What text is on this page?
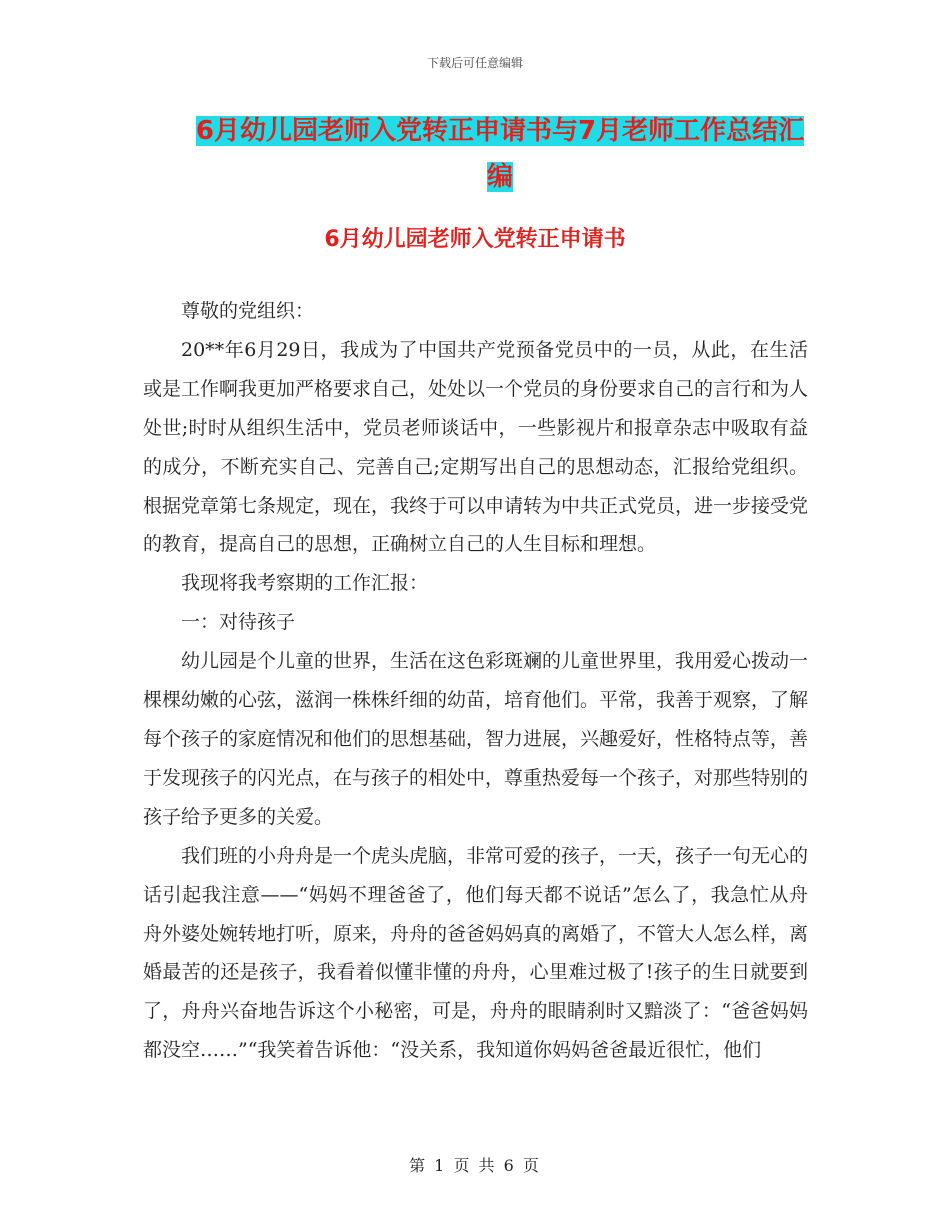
下载后可任意编辑
6月幼儿园老师入党转正申请书与7月老师工作总结汇
编
6月幼儿园老师入党转正申请书

尊敬的党组织：

20**年6月29日，我成为了中国共产党预备党员中的一员，从此，在生活或是工作啊我更加严格要求自己，处处以一个党员的身份要求自己的言行和为人处世;时时从组织生活中，党员老师谈话中，一些影视片和报章杂志中吸取有益的成分，不断充实自己、完善自己;定期写出自己的思想动态，汇报给党组织。根据党章第七条规定，现在，我终于可以申请转为中共正式党员，进一步接受党的教育，提高自己的思想，正确树立自己的人生目标和理想。

我现将我考察期的工作汇报：

一：对待孩子

幼儿园是个儿童的世界，生活在这色彩斑斓的儿童世界里，我用爱心拨动一棵棵幼嫩的心弦，滋润一株株纤细的幼苗，培育他们。平常，我善于观察，了解每个孩子的家庭情况和他们的思想基础，智力进展，兴趣爱好，性格特点等，善于发现孩子的闪光点，在与孩子的相处中，尊重热爱每一个孩子，对那些特别的孩子给予更多的关爱。

我们班的小舟舟是一个虎头虎脑，非常可爱的孩子，一天，孩子一句无心的话引起我注意——“妈妈不理爸爸了，他们每天都不说话”怎么了，我急忙从舟舟外婆处婉转地打听，原来，舟舟的爸爸妈妈真的离婚了，不管大人怎么样，离婚最苦的还是孩子，我看着似懂非懂的舟舟，心里难过极了!孩子的生日就要到了，舟舟兴奋地告诉这个小秘密，可是，舟舟的眼睛刹时又黯淡了：“爸爸妈妈都没空……”“我笑着告诉他：“没关系，我知道你妈妈爸爸最近很忙，他们

第 1 页 共 6 页
